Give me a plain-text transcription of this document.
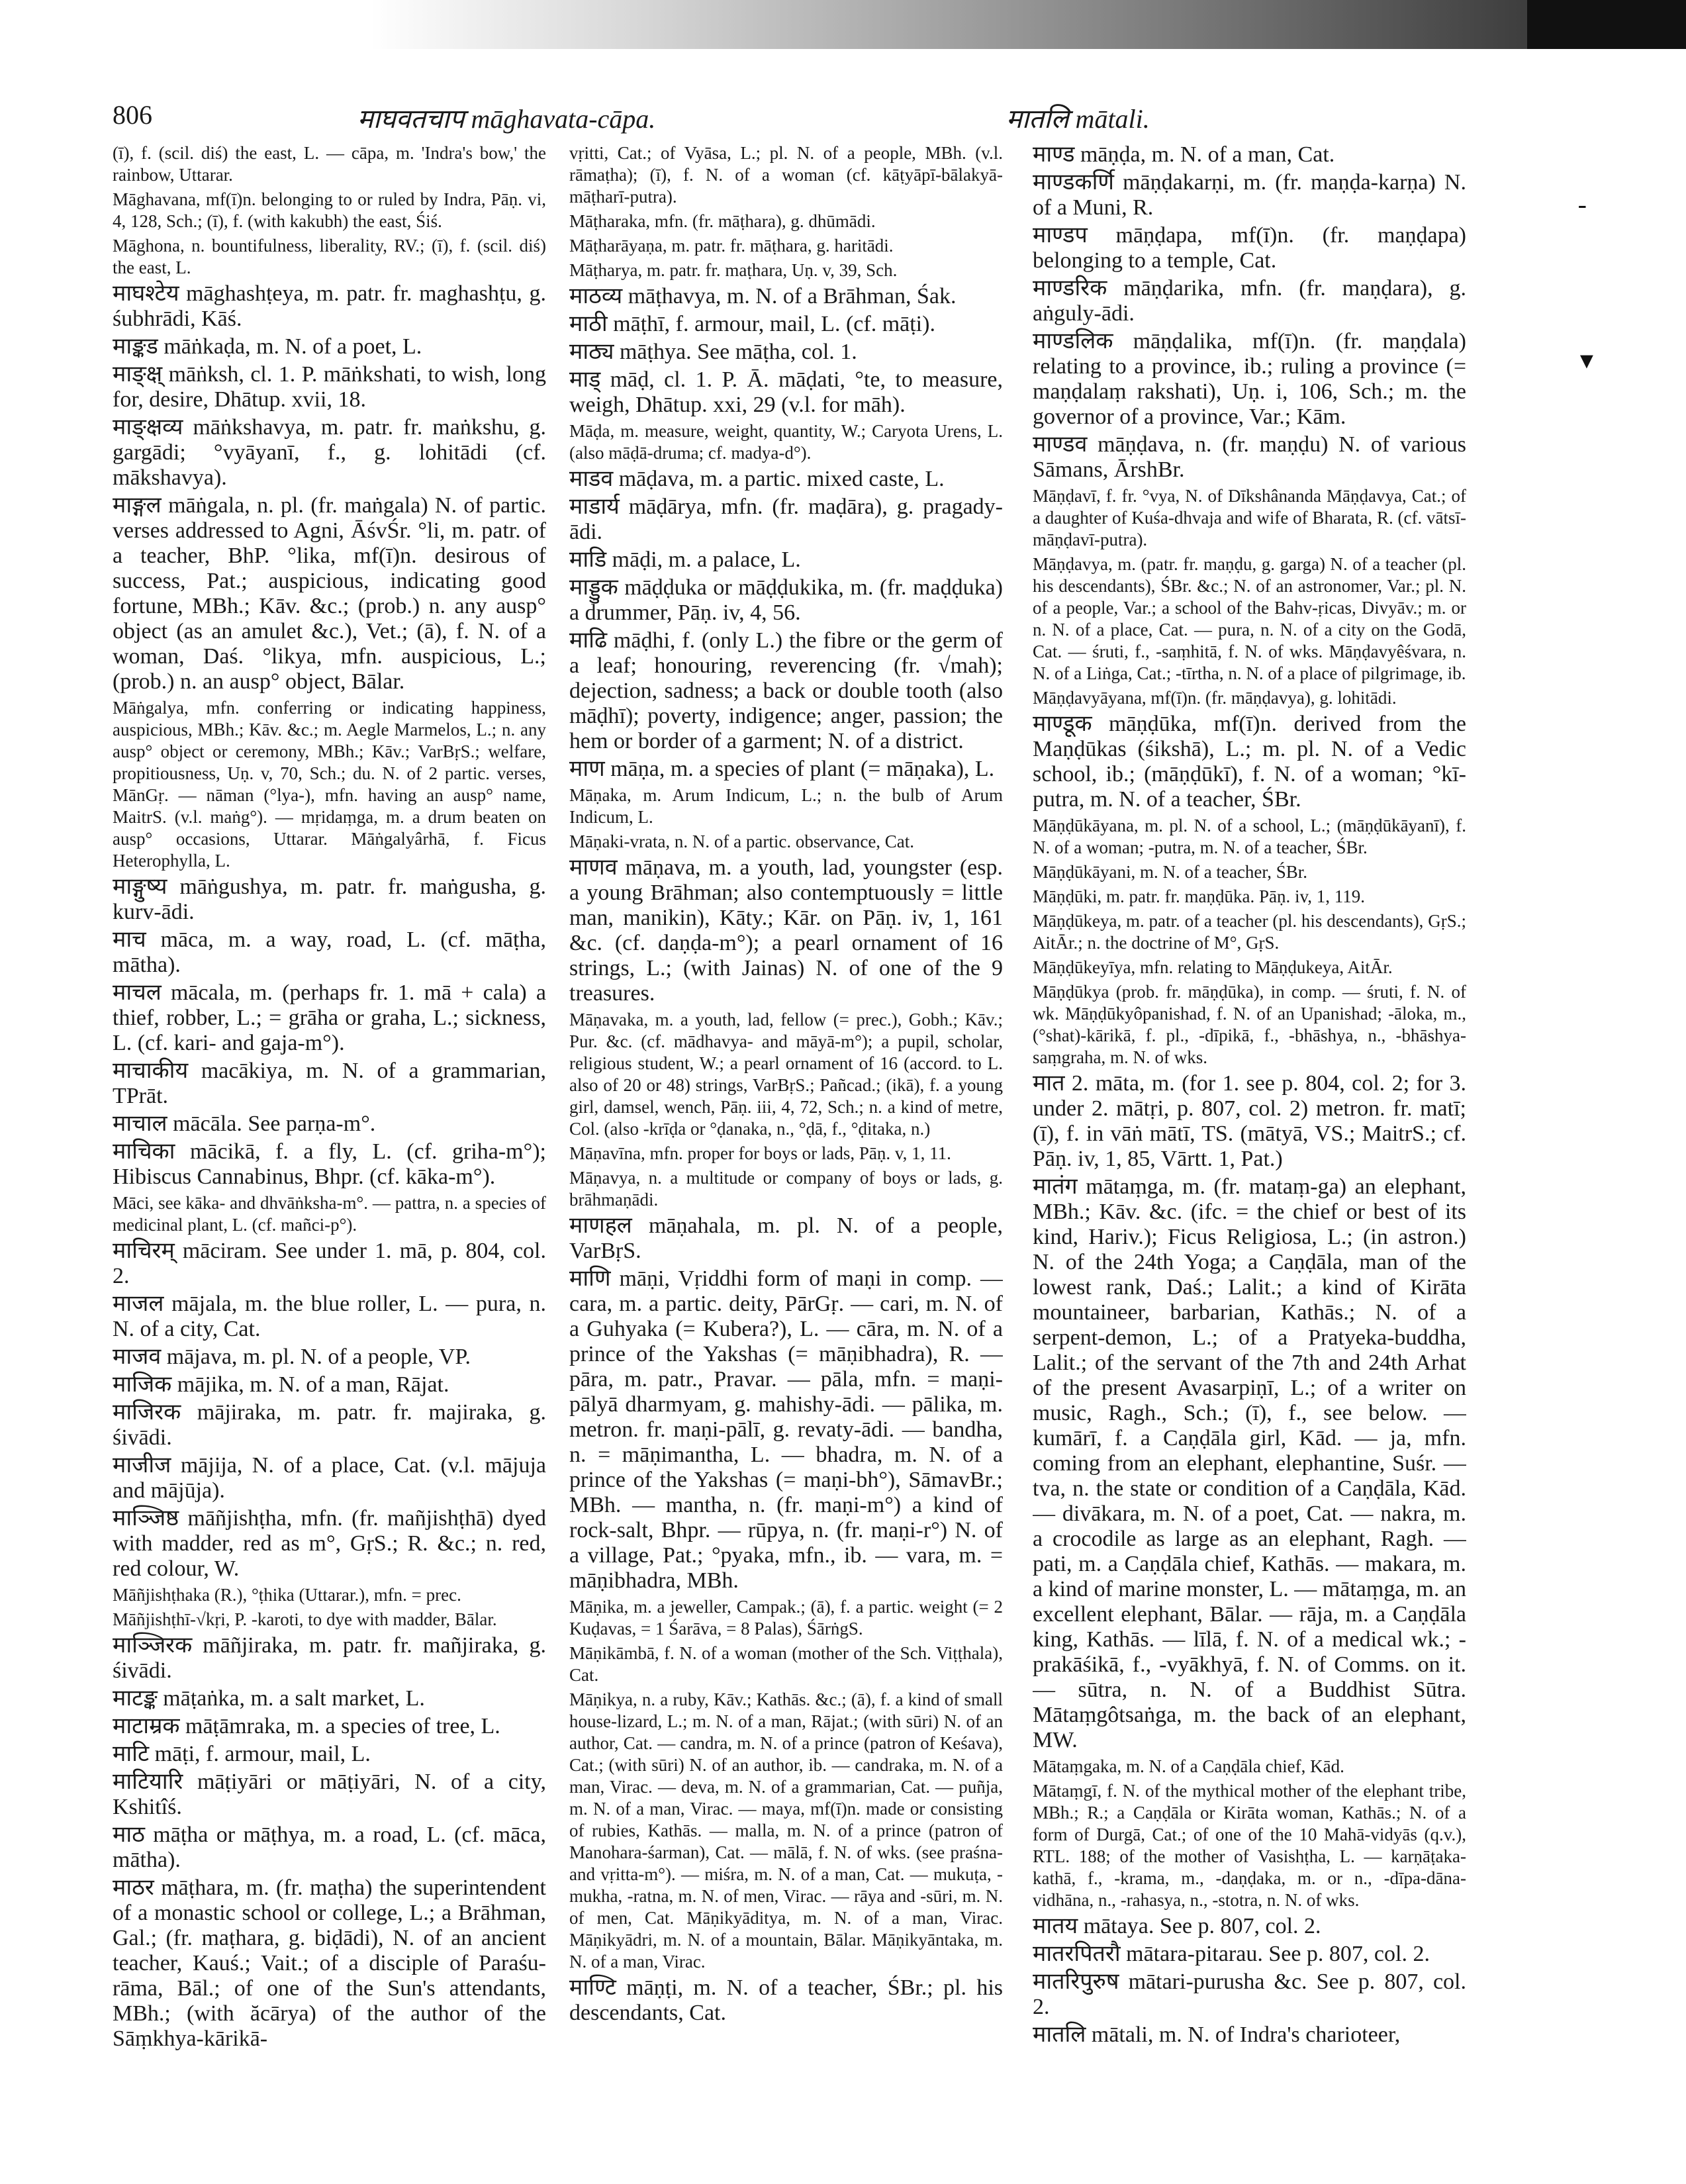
806	माघवतचाप māghavata-cāpa.	मातलि mātali.
-
▾

(ī), f. (scil. diś) the east, L. — cāpa, m. 'Indra's bow,' the rainbow, Uttarar.

Māghavana, mf(ī)n. belonging to or ruled by Indra, Pāṇ. vi, 4, 128, Sch.; (ī), f. (with kakubh) the east, Śiś.

Māghona, n. bountifulness, liberality, RV.; (ī), f. (scil. diś) the east, L.

माघश्टेय māghashṭeya, m. patr. fr. maghashṭu, g. śubhrādi, Kāś.

माङ्कड māṅkaḍa, m. N. of a poet, L.

माङ्क्ष् māṅksh, cl. 1. P. māṅkshati, to wish, long for, desire, Dhātup. xvii, 18.

माङ्क्षव्य māṅkshavya, m. patr. fr. maṅkshu, g. gargādi; °vyāyanī, f., g. lohitādi (cf. mākshavya).

माङ्गल māṅgala, n. pl. (fr. maṅgala) N. of partic. verses addressed to Agni, ĀśvŚr. °li, m. patr. of a teacher, BhP. °lika, mf(ī)n. desirous of success, Pat.; auspicious, indicating good fortune, MBh.; Kāv. &c.; (prob.) n. any ausp° object (as an amulet &c.), Vet.; (ā), f. N. of a woman, Daś. °likya, mfn. auspicious, L.; (prob.) n. an ausp° object, Bālar.

Māṅgalya, mfn. conferring or indicating happiness, auspicious, MBh.; Kāv. &c.; m. Aegle Marmelos, L.; n. any ausp° object or ceremony, MBh.; Kāv.; VarBṛS.; welfare, propitiousness, Uṇ. v, 70, Sch.; du. N. of 2 partic. verses, MānGṛ. — nāman (°lya-), mfn. having an ausp° name, MaitrS. (v.l. maṅg°). — mṛidaṃga, m. a drum beaten on ausp° occasions, Uttarar. Māṅgalyârhā, f. Ficus Heterophylla, L.

माङ्गुष्य māṅgushya, m. patr. fr. maṅgusha, g. kurv-ādi.

माच māca, m. a way, road, L. (cf. māṭha, mātha).

माचल mācala, m. (perhaps fr. 1. mā + cala) a thief, robber, L.; = grāha or graha, L.; sickness, L. (cf. kari- and gaja-m°).

माचाकीय macākiya, m. N. of a grammarian, TPrāt.

माचाल mācāla. See parṇa-m°.

माचिका mācikā, f. a fly, L. (cf. griha-m°); Hibiscus Cannabinus, Bhpr. (cf. kāka-m°).

Māci, see kāka- and dhvāṅksha-m°. — pattra, n. a species of medicinal plant, L. (cf. mañci-p°).

माचिरम् māciram. See under 1. mā, p. 804, col. 2.

माजल mājala, m. the blue roller, L. — pura, n. N. of a city, Cat.

माजव mājava, m. pl. N. of a people, VP.

माजिक mājika, m. N. of a man, Rājat.

माजिरक mājiraka, m. patr. fr. majiraka, g. śivādi.

माजीज mājija, N. of a place, Cat. (v.l. mājuja and mājūja).

माञ्जिष्ठ māñjishṭha, mfn. (fr. mañjishṭhā) dyed with madder, red as m°, GṛS.; R. &c.; n. red, red colour, W.

Māñjishṭhaka (R.), °ṭhika (Uttarar.), mfn. = prec.

Māñjishṭhī-√kṛi, P. -karoti, to dye with madder, Bālar.

माञ्जिरक māñjiraka, m. patr. fr. mañjiraka, g. śivādi.

माटङ्क māṭaṅka, m. a salt market, L.

माटाम्रक māṭāmraka, m. a species of tree, L.

माटि māṭi, f. armour, mail, L.

माटियारि māṭiyāri or māṭiyāri, N. of a city, Kshitîś.

माठ māṭha or māṭhya, m. a road, L. (cf. māca, mātha).

माठर māṭhara, m. (fr. maṭha) the superintendent of a monastic school or college, L.; a Brāhman, Gal.; (fr. maṭhara, g. biḍādi), N. of an ancient teacher, Kauś.; Vait.; of a disciple of Paraśu-rāma, Bāl.; of one of the Sun's attendants, MBh.; (with ăcārya) of the author of the Sāṃkhya-kārikā-

vṛitti, Cat.; of Vyāsa, L.; pl. N. of a people, MBh. (v.l. rāmaṭha); (ī), f. N. of a woman (cf. kāṭyāpī-bālakyā-māṭharī-putra).

Māṭharaka, mfn. (fr. māṭhara), g. dhūmādi.

Māṭharāyaṇa, m. patr. fr. māṭhara, g. haritādi.

Māṭharya, m. patr. fr. maṭhara, Uṇ. v, 39, Sch.

माठव्य māṭhavya, m. N. of a Brāhman, Śak.

माठी māṭhī, f. armour, mail, L. (cf. māṭi).

माठ्य māṭhya. See māṭha, col. 1.

माड् māḍ, cl. 1. P. Ā. māḍati, °te, to measure, weigh, Dhātup. xxi, 29 (v.l. for māh).

Māḍa, m. measure, weight, quantity, W.; Caryota Urens, L. (also māḍā-druma; cf. madya-d°).

माडव māḍava, m. a partic. mixed caste, L.

माडार्य māḍārya, mfn. (fr. maḍāra), g. pragady-ādi.

माडि māḍi, m. a palace, L.

माड्डुक māḍḍuka or māḍḍukika, m. (fr. maḍḍuka) a drummer, Pāṇ. iv, 4, 56.

माढि māḍhi, f. (only L.) the fibre or the germ of a leaf; honouring, reverencing (fr. √mah); dejection, sadness; a back or double tooth (also māḍhī); poverty, indigence; anger, passion; the hem or border of a garment; N. of a district.

माण māṇa, m. a species of plant (= māṇaka), L.

Māṇaka, m. Arum Indicum, L.; n. the bulb of Arum Indicum, L.

Māṇaki-vrata, n. N. of a partic. observance, Cat.

माणव māṇava, m. a youth, lad, youngster (esp. a young Brāhman; also contemptuously = little man, manikin), Kāty.; Kār. on Pāṇ. iv, 1, 161 &c. (cf. daṇḍa-m°); a pearl ornament of 16 strings, L.; (with Jainas) N. of one of the 9 treasures.

Māṇavaka, m. a youth, lad, fellow (= prec.), Gobh.; Kāv.; Pur. &c. (cf. mādhavya- and māyā-m°); a pupil, scholar, religious student, W.; a pearl ornament of 16 (accord. to L. also of 20 or 48) strings, VarBṛS.; Pañcad.; (ikā), f. a young girl, damsel, wench, Pāṇ. iii, 4, 72, Sch.; n. a kind of metre, Col. (also -krīḍa or °ḍanaka, n., °ḍā, f., °ḍitaka, n.)

Māṇavīna, mfn. proper for boys or lads, Pāṇ. v, 1, 11.

Māṇavya, n. a multitude or company of boys or lads, g. brāhmaṇādi.

माणहल māṇahala, m. pl. N. of a people, VarBṛS.

माणि māṇi, Vṛiddhi form of maṇi in comp. — cara, m. a partic. deity, PārGṛ. — cari, m. N. of a Guhyaka (= Kubera?), L. — cāra, m. N. of a prince of the Yakshas (= māṇibhadra), R. — pāra, m. patr., Pravar. — pāla, mfn. = maṇi-pālyā dharmyam, g. mahishy-ādi. — pālika, m. metron. fr. maṇi-pālī, g. revaty-ādi. — bandha, n. = māṇimantha, L. — bhadra, m. N. of a prince of the Yakshas (= maṇi-bh°), SāmavBr.; MBh. — mantha, n. (fr. maṇi-m°) a kind of rock-salt, Bhpr. — rūpya, n. (fr. maṇi-r°) N. of a village, Pat.; °pyaka, mfn., ib. — vara, m. = māṇibhadra, MBh.

Māṇika, m. a jeweller, Campak.; (ā), f. a partic. weight (= 2 Kuḍavas, = 1 Śarāva, = 8 Palas), ŚārṅgS.

Māṇikāmbā, f. N. of a woman (mother of the Sch. Viṭṭhala), Cat.

Māṇikya, n. a ruby, Kāv.; Kathās. &c.; (ā), f. a kind of small house-lizard, L.; m. N. of a man, Rājat.; (with sūri) N. of an author, Cat. — candra, m. N. of a prince (patron of Keśava), Cat.; (with sūri) N. of an author, ib. — candraka, m. N. of a man, Virac. — deva, m. N. of a grammarian, Cat. — puñja, m. N. of a man, Virac. — maya, mf(ī)n. made or consisting of rubies, Kathās. — malla, m. N. of a prince (patron of Manohara-śarman), Cat. — mālā, f. N. of wks. (see praśna- and vṛitta-m°). — miśra, m. N. of a man, Cat. — mukuṭa, -mukha, -ratna, m. N. of men, Virac. — rāya and -sūri, m. N. of men, Cat. Māṇikyāditya, m. N. of a man, Virac. Māṇikyādri, m. N. of a mountain, Bālar. Māṇikyāntaka, m. N. of a man, Virac.

माण्टि māṇṭi, m. N. of a teacher, ŚBr.; pl. his descendants, Cat.

माण्ड māṇḍa, m. N. of a man, Cat.

माण्डकर्णि māṇḍakarṇi, m. (fr. maṇḍa-karṇa) N. of a Muni, R.

माण्डप māṇḍapa, mf(ī)n. (fr. maṇḍapa) belonging to a temple, Cat.

माण्डरिक māṇḍarika, mfn. (fr. maṇḍara), g. aṅguly-ādi.

माण्डलिक māṇḍalika, mf(ī)n. (fr. maṇḍala) relating to a province, ib.; ruling a province (= maṇḍalaṃ rakshati), Uṇ. i, 106, Sch.; m. the governor of a province, Var.; Kām.

माण्डव māṇḍava, n. (fr. maṇḍu) N. of various Sāmans, ĀrshBr.

Māṇḍavī, f. fr. °vya, N. of Dīkshânanda Māṇḍavya, Cat.; of a daughter of Kuśa-dhvaja and wife of Bharata, R. (cf. vātsī-māṇḍavī-putra).

Māṇḍavya, m. (patr. fr. maṇḍu, g. garga) N. of a teacher (pl. his descendants), ŚBr. &c.; N. of an astronomer, Var.; pl. N. of a people, Var.; a school of the Bahv-ṛicas, Divyāv.; m. or n. N. of a place, Cat. — pura, n. N. of a city on the Godā, Cat. — śruti, f., -saṃhitā, f. N. of wks. Māṇḍavyêśvara, n. N. of a Liṅga, Cat.; -tīrtha, n. N. of a place of pilgrimage, ib.

Māṇḍavyāyana, mf(ī)n. (fr. māṇḍavya), g. lohitādi.

माण्डूक māṇḍūka, mf(ī)n. derived from the Maṇḍūkas (śikshā), L.; m. pl. N. of a Vedic school, ib.; (māṇḍūkī), f. N. of a woman; °kī-putra, m. N. of a teacher, ŚBr.

Māṇḍūkāyana, m. pl. N. of a school, L.; (māṇḍūkāyanī), f. N. of a woman; -putra, m. N. of a teacher, ŚBr.

Māṇḍūkāyani, m. N. of a teacher, ŚBr.

Māṇḍūki, m. patr. fr. maṇḍūka. Pāṇ. iv, 1, 119.

Māṇḍūkeya, m. patr. of a teacher (pl. his descendants), GṛS.; AitĀr.; n. the doctrine of M°, GṛS.

Māṇḍūkeyīya, mfn. relating to Māṇḍukeya, AitĀr.

Māṇḍūkya (prob. fr. māṇḍūka), in comp. — śruti, f. N. of wk. Māṇḍūkyôpanishad, f. N. of an Upanishad; -āloka, m., (°shat)-kārikā, f. pl., -dīpikā, f., -bhāshya, n., -bhāshya-saṃgraha, m. N. of wks.

मात 2. māta, m. (for 1. see p. 804, col. 2; for 3. under 2. mātṛi, p. 807, col. 2) metron. fr. matī; (ī), f. in vāṅ mātī, TS. (mātyā, VS.; MaitrS.; cf. Pāṇ. iv, 1, 85, Vārtt. 1, Pat.)

मातंग mātaṃga, m. (fr. mataṃ-ga) an elephant, MBh.; Kāv. &c. (ifc. = the chief or best of its kind, Hariv.); Ficus Religiosa, L.; (in astron.) N. of the 24th Yoga; a Caṇḍāla, man of the lowest rank, Daś.; Lalit.; a kind of Kirāta mountaineer, barbarian, Kathās.; N. of a serpent-demon, L.; of a Pratyeka-buddha, Lalit.; of the servant of the 7th and 24th Arhat of the present Avasarpiṇī, L.; of a writer on music, Ragh., Sch.; (ī), f., see below. — kumārī, f. a Caṇḍāla girl, Kād. — ja, mfn. coming from an elephant, elephantine, Suśr. — tva, n. the state or condition of a Caṇḍāla, Kād. — divākara, m. N. of a poet, Cat. — nakra, m. a crocodile as large as an elephant, Ragh. — pati, m. a Caṇḍāla chief, Kathās. — makara, m. a kind of marine monster, L. — mātaṃga, m. an excellent elephant, Bālar. — rāja, m. a Caṇḍāla king, Kathās. — līlā, f. N. of a medical wk.; -prakāśikā, f., -vyākhyā, f. N. of Comms. on it. — sūtra, n. N. of a Buddhist Sūtra. Mātaṃgôtsaṅga, m. the back of an elephant, MW.

Mātaṃgaka, m. N. of a Caṇḍāla chief, Kād.

Mātaṃgī, f. N. of the mythical mother of the elephant tribe, MBh.; R.; a Caṇḍāla or Kirāta woman, Kathās.; N. of a form of Durgā, Cat.; of one of the 10 Mahā-vidyās (q.v.), RTL. 188; of the mother of Vasishṭha, L. — karṇāṭaka-kathā, f., -krama, m., -daṇḍaka, m. or n., -dīpa-dāna-vidhāna, n., -rahasya, n., -stotra, n. N. of wks.

मातय mātaya. See p. 807, col. 2.

मातरपितरौ mātara-pitarau. See p. 807, col. 2.

मातरिपुरुष mātari-purusha &c. See p. 807, col. 2.

मातलि mātali, m. N. of Indra's charioteer,
